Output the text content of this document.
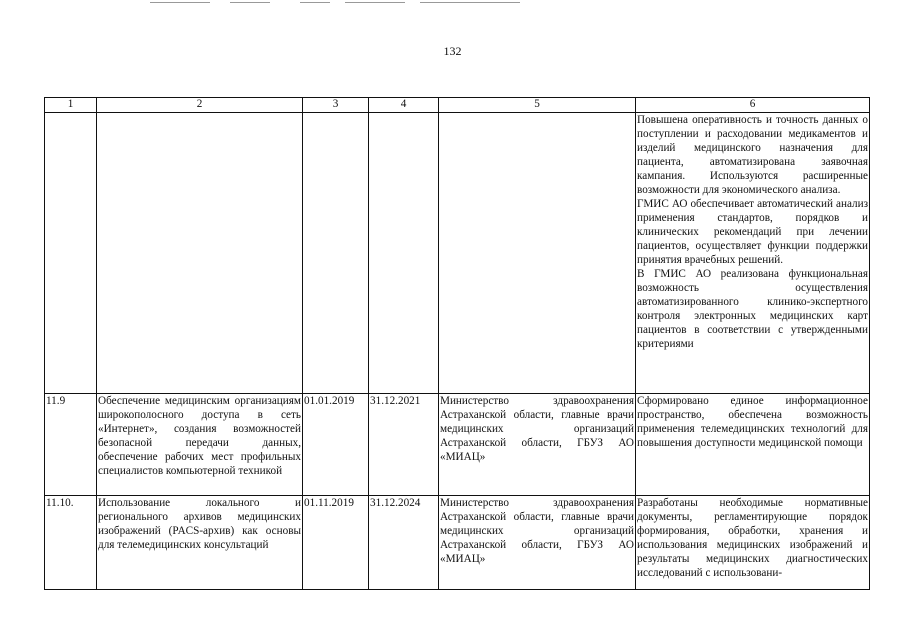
132
1	2	3	4	5	6

					Повышена оперативность и точность данных о поступлении и расходовании медикаментов и изделий медицинского назначения для пациента, автоматизирована заявочная кампания. Используются расширенные возможности для экономического анализа.

ГМИС АО обеспечивает автоматический анализ применения стандартов, порядков и клинических рекомендаций при лечении пациентов, осуществляет функции поддержки принятия врачебных решений.

В ГМИС АО реализована функциональная возможность осуществления автоматизированного клинико-экспертного контроля электронных медицинских карт пациентов в соответствии с утвержденными критериями

11.9	Обеспечение медицинским организациям широкополосного доступа в сеть «Интернет», создания возможностей безопасной передачи данных, обеспечение рабочих мест профильных специалистов компьютерной техникой	01.01.2019	31.12.2021	Министерство здравоохранения Астраханской области, главные врачи медицинских организаций Астраханской области, ГБУЗ АО «МИАЦ»	Сформировано единое информационное пространство, обеспечена возможность применения телемедицинских технологий для повышения доступности медицинской помощи
11.10.	Использование локального и регионального архивов медицинских изображений (PACS-архив) как основы для телемедицинских консультаций	01.11.2019	31.12.2024	Министерство здравоохранения Астраханской области, главные врачи медицинских организаций Астраханской области, ГБУЗ АО «МИАЦ»	Разработаны необходимые нормативные документы, регламентирующие порядок формирования, обработки, хранения и использования медицинских изображений и результаты медицинских диагностических исследований с использовани-
